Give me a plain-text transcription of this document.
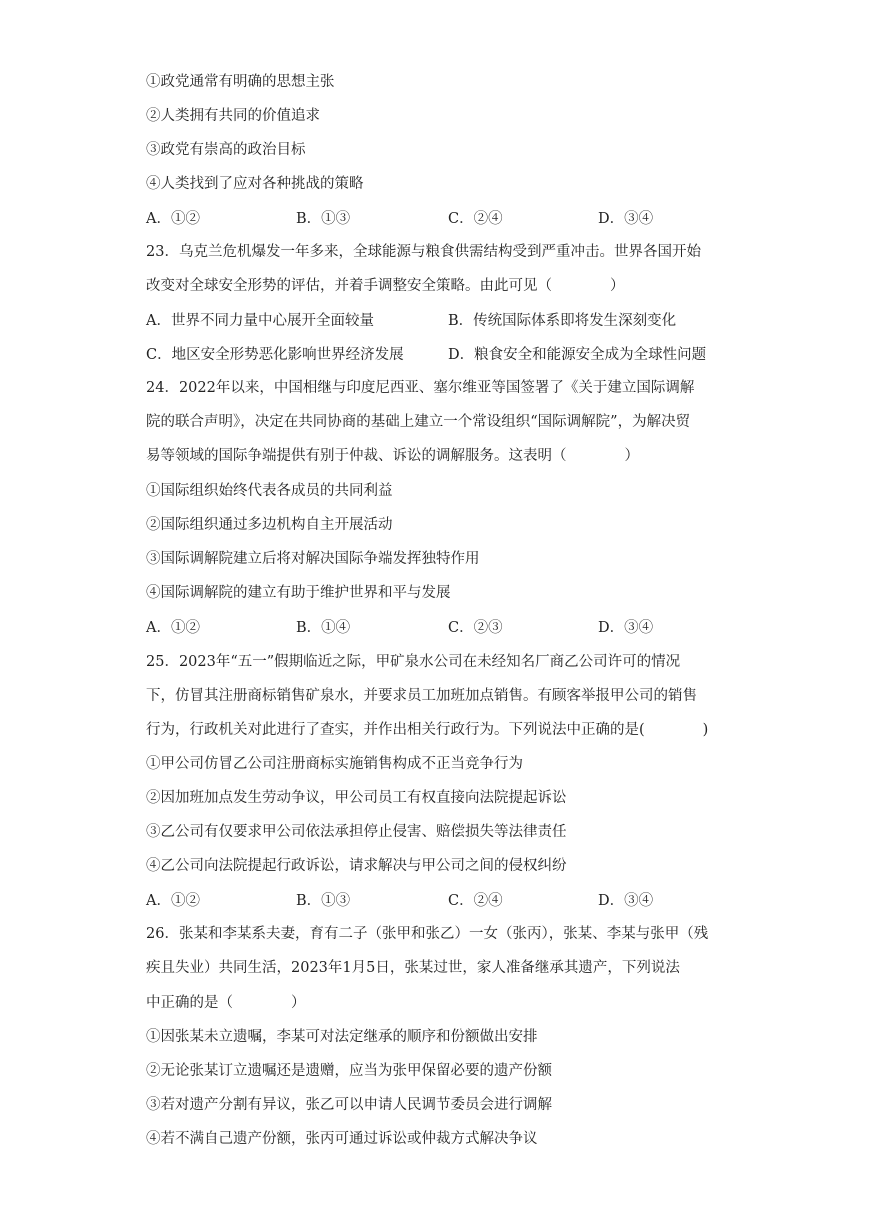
①政党通常有明确的思想主张
②人类拥有共同的价值追求
③政党有崇高的政治目标
④人类找到了应对各种挑战的策略
A．①②	B．①③	C．②④	D．③④
23．乌克兰危机爆发一年多来，全球能源与粮食供需结构受到严重冲击。世界各国开始
改变对全球安全形势的评估，并着手调整安全策略。由此可见（　　　　）
A．世界不同力量中心展开全面较量	B．传统国际体系即将发生深刻变化
C．地区安全形势恶化影响世界经济发展	D．粮食安全和能源安全成为全球性问题
24．2022年以来，中国相继与印度尼西亚、塞尔维亚等国签署了《关于建立国际调解
院的联合声明》，决定在共同协商的基础上建立一个常设组织“国际调解院”，为解决贸
易等领域的国际争端提供有别于仲裁、诉讼的调解服务。这表明（　　　　）
①国际组织始终代表各成员的共同利益
②国际组织通过多边机构自主开展活动
③国际调解院建立后将对解决国际争端发挥独特作用
④国际调解院的建立有助于维护世界和平与发展
A．①②	B．①④	C．②③	D．③④
25．2023年“五一”假期临近之际，甲矿泉水公司在未经知名厂商乙公司许可的情况
下，仿冒其注册商标销售矿泉水，并要求员工加班加点销售。有顾客举报甲公司的销售
行为，行政机关对此进行了查实，并作出相关行政行为。下列说法中正确的是(　　　　)
①甲公司仿冒乙公司注册商标实施销售构成不正当竞争行为
②因加班加点发生劳动争议，甲公司员工有权直接向法院提起诉讼
③乙公司有仅要求甲公司依法承担停止侵害、赔偿损失等法律责任
④乙公司向法院提起行政诉讼，请求解决与甲公司之间的侵权纠纷
A．①②	B．①③	C．②④	D．③④
26．张某和李某系夫妻，育有二子（张甲和张乙）一女（张丙），张某、李某与张甲（残
疾且失业）共同生活，2023年1月5日，张某过世，家人准备继承其遗产，下列说法
中正确的是（　　　　）
①因张某未立遗嘱，李某可对法定继承的顺序和份额做出安排
②无论张某订立遗嘱还是遗赠，应当为张甲保留必要的遗产份额
③若对遗产分割有异议，张乙可以申请人民调节委员会进行调解
④若不满自己遗产份额，张丙可通过诉讼或仲裁方式解决争议
